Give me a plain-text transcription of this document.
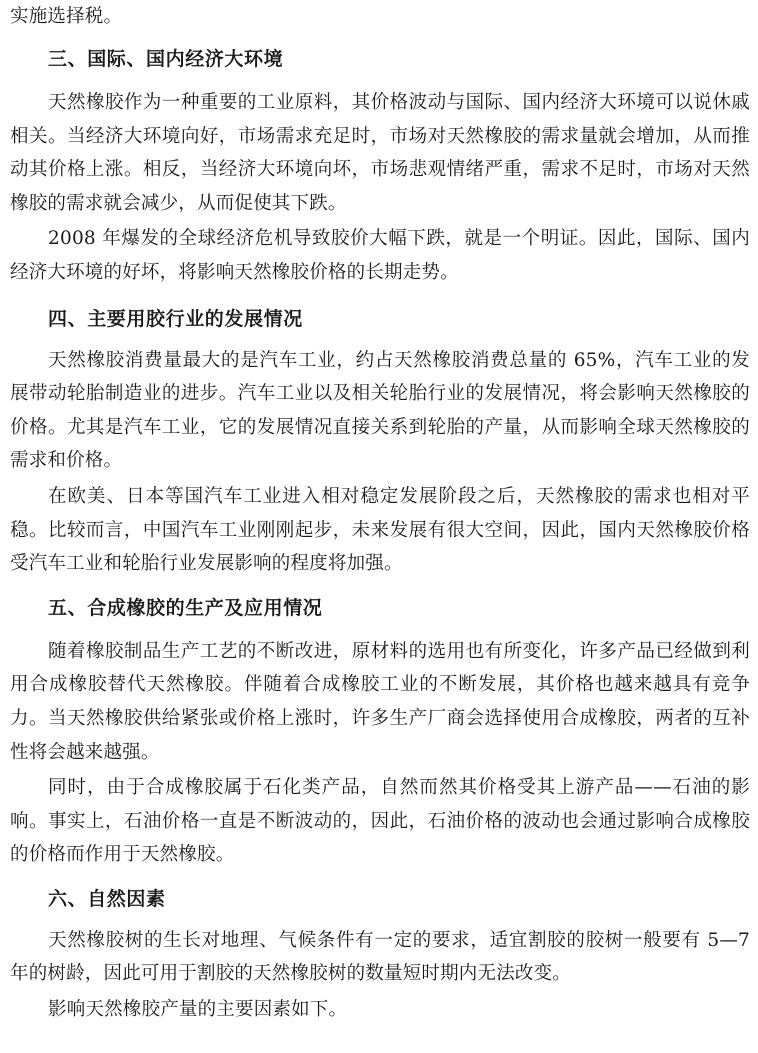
实施选择税。
三、国际、国内经济大环境

天然橡胶作为一种重要的工业原料，其价格波动与国际、国内经济大环境可以说休戚相关。当经济大环境向好，市场需求充足时，市场对天然橡胶的需求量就会增加，从而推动其价格上涨。相反，当经济大环境向坏，市场悲观情绪严重，需求不足时，市场对天然橡胶的需求就会减少，从而促使其下跌。

2008 年爆发的全球经济危机导致胶价大幅下跌，就是一个明证。因此，国际、国内经济大环境的好坏，将影响天然橡胶价格的长期走势。

四、主要用胶行业的发展情况

天然橡胶消费量最大的是汽车工业，约占天然橡胶消费总量的 65%，汽车工业的发展带动轮胎制造业的进步。汽车工业以及相关轮胎行业的发展情况，将会影响天然橡胶的价格。尤其是汽车工业，它的发展情况直接关系到轮胎的产量，从而影响全球天然橡胶的需求和价格。

在欧美、日本等国汽车工业进入相对稳定发展阶段之后，天然橡胶的需求也相对平稳。比较而言，中国汽车工业刚刚起步，未来发展有很大空间，因此，国内天然橡胶价格受汽车工业和轮胎行业发展影响的程度将加强。

五、合成橡胶的生产及应用情况

随着橡胶制品生产工艺的不断改进，原材料的选用也有所变化，许多产品已经做到利用合成橡胶替代天然橡胶。伴随着合成橡胶工业的不断发展，其价格也越来越具有竞争力。当天然橡胶供给紧张或价格上涨时，许多生产厂商会选择使用合成橡胶，两者的互补性将会越来越强。

同时，由于合成橡胶属于石化类产品，自然而然其价格受其上游产品——石油的影响。事实上，石油价格一直是不断波动的，因此，石油价格的波动也会通过影响合成橡胶的价格而作用于天然橡胶。

六、自然因素

天然橡胶树的生长对地理、气候条件有一定的要求，适宜割胶的胶树一般要有 5—7 年的树龄，因此可用于割胶的天然橡胶树的数量短时期内无法改变。

影响天然橡胶产量的主要因素如下。
